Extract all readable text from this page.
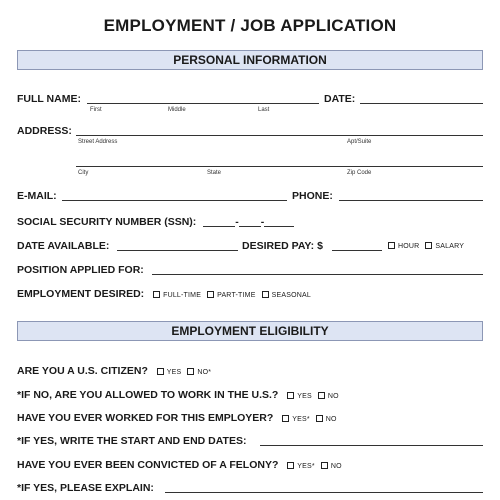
EMPLOYMENT / JOB APPLICATION
PERSONAL INFORMATION
FULL NAME:
First	Middle	Last
DATE:
ADDRESS:
Street Address	Apt/Suite
City	State	Zip Code
E-MAIL:	PHONE:
SOCIAL SECURITY NUMBER (SSN):	- -
DATE AVAILABLE:	DESIRED PAY: $	HOUR SALARY
POSITION APPLIED FOR:
EMPLOYMENT DESIRED:	FULL-TIME PART-TIME SEASONAL
EMPLOYMENT ELIGIBILITY
ARE YOU A U.S. CITIZEN?	YES NO*
*IF NO, ARE YOU ALLOWED TO WORK IN THE U.S.?	YES NO
HAVE YOU EVER WORKED FOR THIS EMPLOYER?	YES* NO
*IF YES, WRITE THE START AND END DATES:
HAVE YOU EVER BEEN CONVICTED OF A FELONY?	YES* NO
*IF YES, PLEASE EXPLAIN:
